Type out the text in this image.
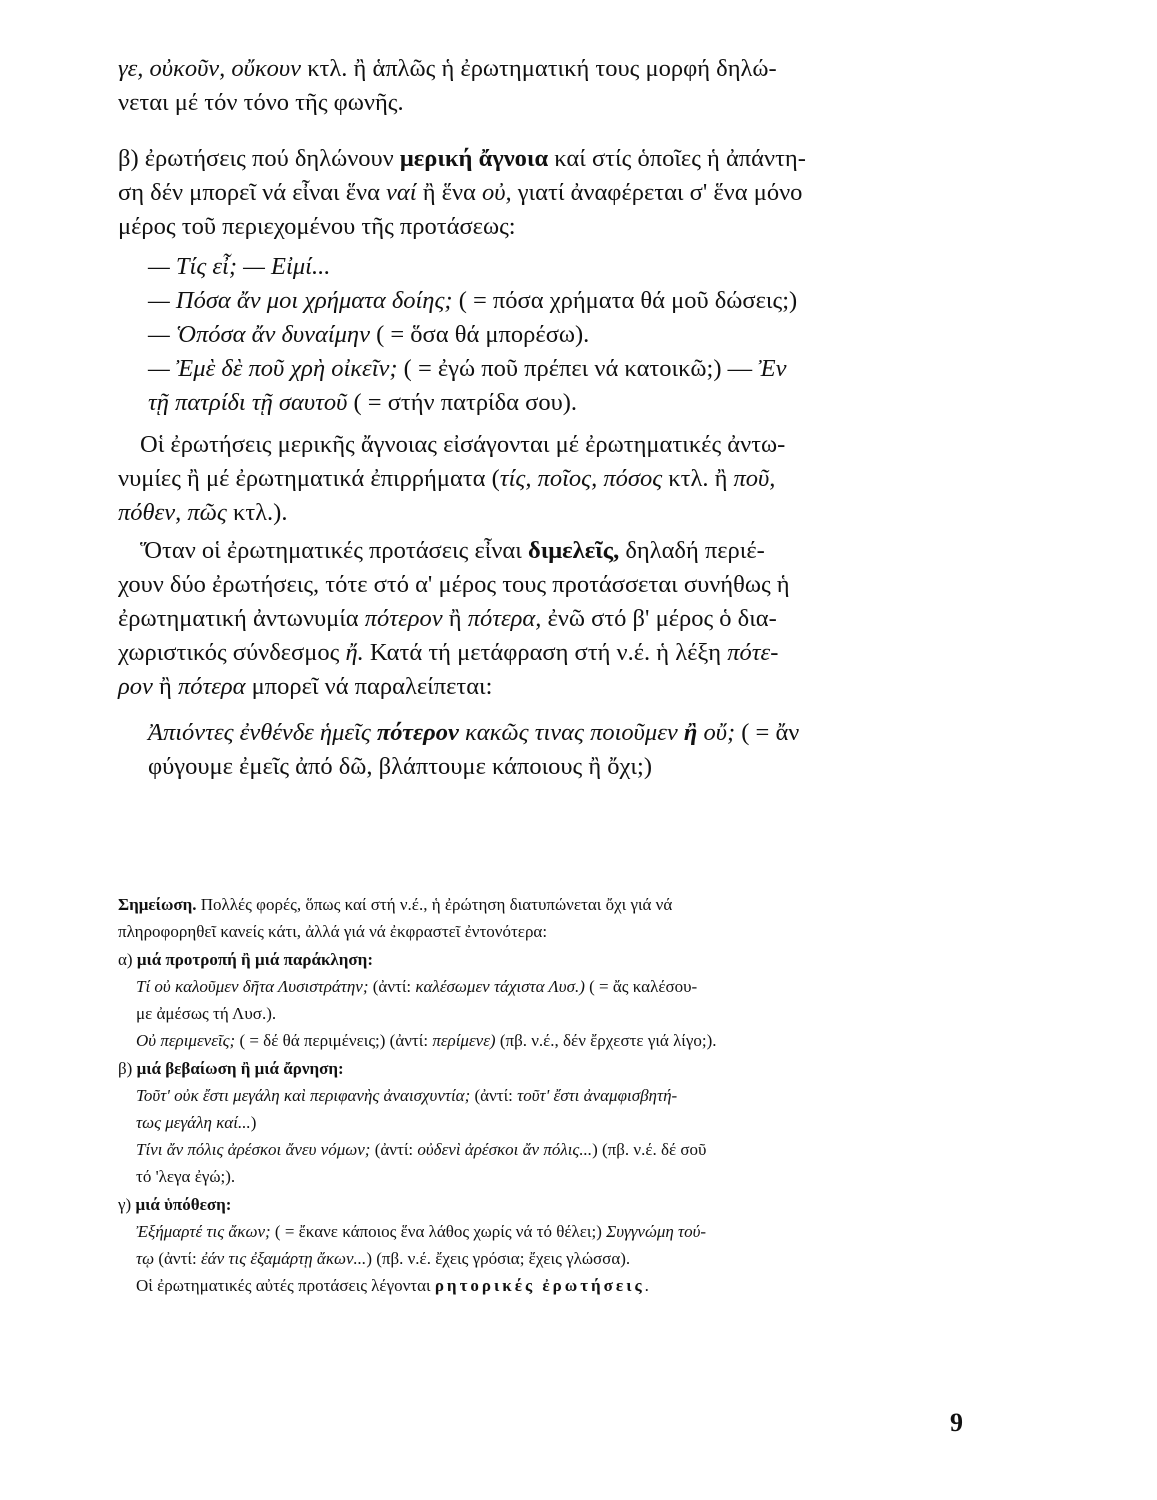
γε, οὐκοῦν, οὔκουν κτλ. ἢ ἁπλῶς ἡ ἐρωτηματική τους μορφή δηλώ-
νεται μέ τόν τόνο τῆς φωνῆς.

β) ἐρωτήσεις πού δηλώνουν μερική ἄγνοια καί στίς ὁποῖες ἡ ἀπάντη-
ση δέν μπορεῖ νά εἶναι ἕνα ναί ἢ ἕνα οὐ, γιατί ἀναφέρεται σ' ἕνα μόνο
μέρος τοῦ περιεχομένου τῆς προτάσεως:

— Τίς εἶ; — Εἰμί...
— Πόσα ἄν μοι χρήματα δοίης; ( = πόσα χρήματα θά μοῦ δώσεις;)
— Ὁπόσα ἄν δυναίμην ( = ὅσα θά μπορέσω).
— Ἐμὲ δὲ ποῦ χρὴ οἰκεῖν; ( = ἐγώ ποῦ πρέπει νά κατοικῶ;) — Ἐν
τῇ πατρίδι τῇ σαυτοῦ ( = στήν πατρίδα σου).

Οἱ ἐρωτήσεις μερικῆς ἄγνοιας εἰσάγονται μέ ἐρωτηματικές ἀντω-
νυμίες ἢ μέ ἐρωτηματικά ἐπιρρήματα (τίς, ποῖος, πόσος κτλ. ἢ ποῦ,
πόθεν, πῶς κτλ.).

Ὅταν οἱ ἐρωτηματικές προτάσεις εἶναι διμελεῖς, δηλαδή περιέ-
χουν δύο ἐρωτήσεις, τότε στό α' μέρος τους προτάσσεται συνήθως ἡ
ἐρωτηματική ἀντωνυμία πότερον ἢ πότερα, ἐνῶ στό β' μέρος ὁ δια-
χωριστικός σύνδεσμος ἤ. Κατά τή μετάφραση στή ν.έ. ἡ λέξη πότε-
ρον ἢ πότερα μπορεῖ νά παραλείπεται:

Ἀπιόντες ἐνθένδε ἡμεῖς πότερον κακῶς τινας ποιοῦμεν ἢ οὔ; ( = ἄν
φύγουμε ἐμεῖς ἀπό δῶ, βλάπτουμε κάποιους ἢ ὄχι;)

Σημείωση. Πολλές φορές, ὅπως καί στή ν.έ., ἡ ἐρώτηση διατυπώνεται ὄχι γιά νά
πληροφορηθεῖ κανείς κάτι, ἀλλά γιά νά ἐκφραστεῖ ἐντονότερα:
α) μιά προτροπή ἢ μιά παράκληση:
Τί οὐ καλοῦμεν δῆτα Λυσιστράτην; (ἀντί: καλέσωμεν τάχιστα Λυσ.) ( = ἄς καλέσου-
με ἀμέσως τή Λυσ.).
Οὐ περιμενεῖς; ( = δέ θά περιμένεις;) (ἀντί: περίμενε) (πβ. ν.έ., δέν ἔρχεστε γιά λίγο;).
β) μιά βεβαίωση ἢ μιά ἄρνηση:
Τοῦτ' οὐκ ἔστι μεγάλη καὶ περιφανὴς ἀναισχυντία; (ἀντί: τοῦτ' ἔστι ἀναμφισβητή-
τως μεγάλη καί...)
Τίνι ἄν πόλις ἀρέσκοι ἄνευ νόμων; (ἀντί: οὐδενὶ ἀρέσκοι ἄν πόλις...) (πβ. ν.έ. δέ σοῦ
τό 'λεγα ἐγώ;).
γ) μιά ὑπόθεση:
Ἐξήμαρτέ τις ἄκων; ( = ἔκανε κάποιος ἕνα λάθος χωρίς νά τό θέλει;) Συγγνώμη τού-
τῳ (ἀντί: ἐάν τις ἐξαμάρτῃ ἄκων...) (πβ. ν.έ. ἔχεις γρόσια; ἔχεις γλώσσα).
Οἱ ἐρωτηματικές αὐτές προτάσεις λέγονται ρητορικές ἐρωτήσεις.
9
